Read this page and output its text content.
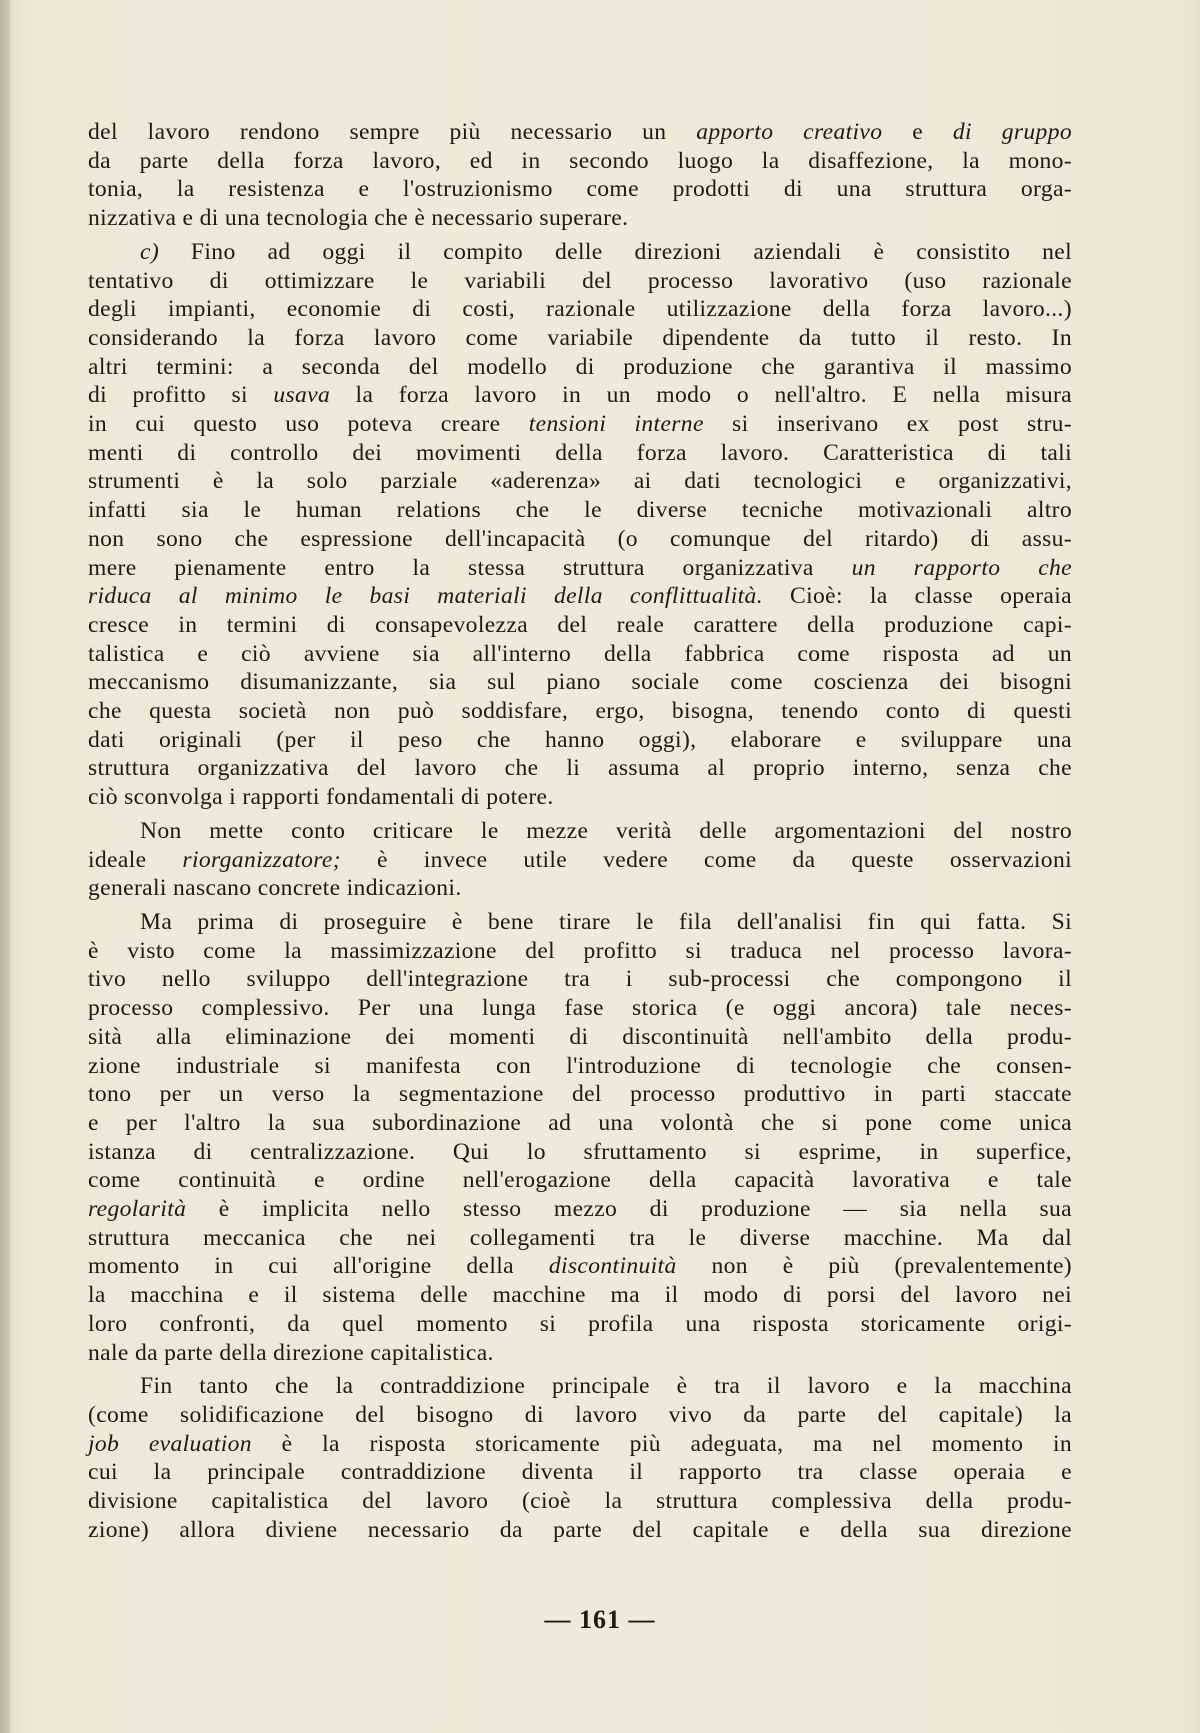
del lavoro rendono sempre più necessario un apporto creativo e di gruppo

da parte della forza lavoro, ed in secondo luogo la disaffezione, la mono-

tonia, la resistenza e l'ostruzionismo come prodotti di una struttura orga-

nizzativa e di una tecnologia che è necessario superare.

c) Fino ad oggi il compito delle direzioni aziendali è consistito nel

tentativo di ottimizzare le variabili del processo lavorativo (uso razionale

degli impianti, economie di costi, razionale utilizzazione della forza lavoro...)

considerando la forza lavoro come variabile dipendente da tutto il resto. In

altri termini: a seconda del modello di produzione che garantiva il massimo

di profitto si usava la forza lavoro in un modo o nell'altro. E nella misura

in cui questo uso poteva creare tensioni interne si inserivano ex post stru-

menti di controllo dei movimenti della forza lavoro. Caratteristica di tali

strumenti è la solo parziale «aderenza» ai dati tecnologici e organizzativi,

infatti sia le human relations che le diverse tecniche motivazionali altro

non sono che espressione dell'incapacità (o comunque del ritardo) di assu-

mere pienamente entro la stessa struttura organizzativa un rapporto che

riduca al minimo le basi materiali della conflittualità. Cioè: la classe operaia

cresce in termini di consapevolezza del reale carattere della produzione capi-

talistica e ciò avviene sia all'interno della fabbrica come risposta ad un

meccanismo disumanizzante, sia sul piano sociale come coscienza dei bisogni

che questa società non può soddisfare, ergo, bisogna, tenendo conto di questi

dati originali (per il peso che hanno oggi), elaborare e sviluppare una

struttura organizzativa del lavoro che li assuma al proprio interno, senza che

ciò sconvolga i rapporti fondamentali di potere.

Non mette conto criticare le mezze verità delle argomentazioni del nostro

ideale riorganizzatore; è invece utile vedere come da queste osservazioni

generali nascano concrete indicazioni.

Ma prima di proseguire è bene tirare le fila dell'analisi fin qui fatta. Si

è visto come la massimizzazione del profitto si traduca nel processo lavora-

tivo nello sviluppo dell'integrazione tra i sub-processi che compongono il

processo complessivo. Per una lunga fase storica (e oggi ancora) tale neces-

sità alla eliminazione dei momenti di discontinuità nell'ambito della produ-

zione industriale si manifesta con l'introduzione di tecnologie che consen-

tono per un verso la segmentazione del processo produttivo in parti staccate

e per l'altro la sua subordinazione ad una volontà che si pone come unica

istanza di centralizzazione. Qui lo sfruttamento si esprime, in superfice,

come continuità e ordine nell'erogazione della capacità lavorativa e tale

regolarità è implicita nello stesso mezzo di produzione — sia nella sua

struttura meccanica che nei collegamenti tra le diverse macchine. Ma dal

momento in cui all'origine della discontinuità non è più (prevalentemente)

la macchina e il sistema delle macchine ma il modo di porsi del lavoro nei

loro confronti, da quel momento si profila una risposta storicamente origi-

nale da parte della direzione capitalistica.

Fin tanto che la contraddizione principale è tra il lavoro e la macchina

(come solidificazione del bisogno di lavoro vivo da parte del capitale) la

job evaluation è la risposta storicamente più adeguata, ma nel momento in

cui la principale contraddizione diventa il rapporto tra classe operaia e

divisione capitalistica del lavoro (cioè la struttura complessiva della produ-

zione) allora diviene necessario da parte del capitale e della sua direzione

— 161 —
